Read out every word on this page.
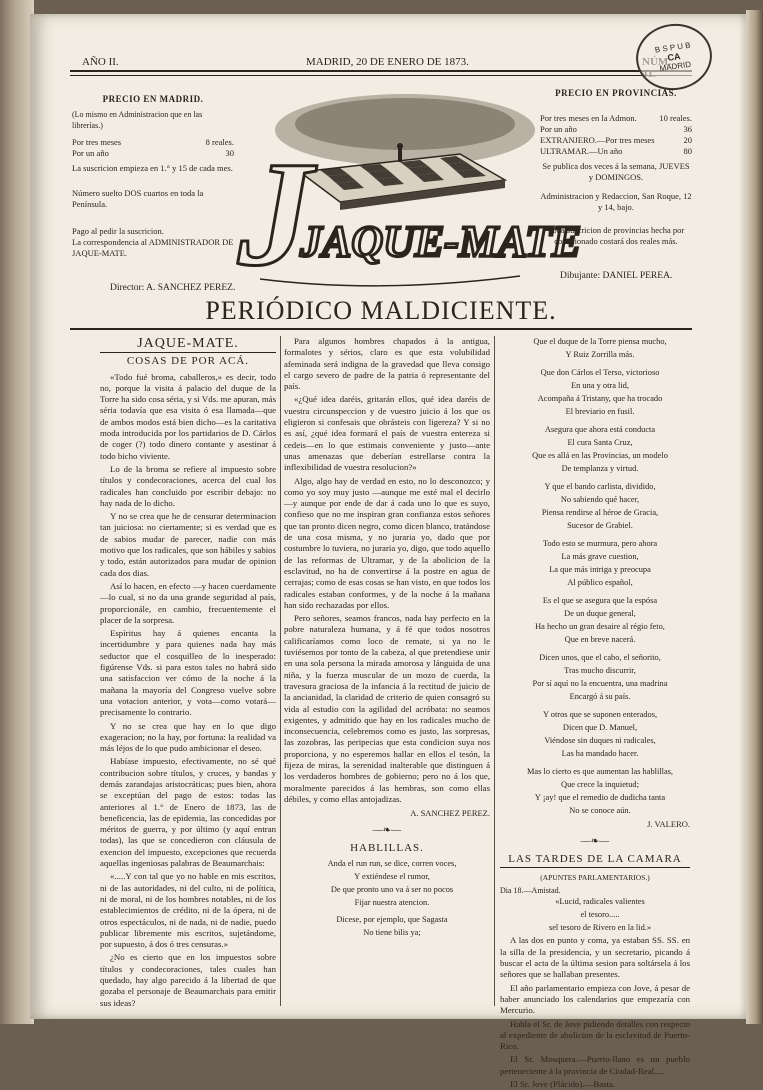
AÑO II.	MADRID, 20 DE ENERO DE 1873.
B S P U B
CA
MADRID
PRECIO EN MADRID.
(Lo mismo en Administracion que en las librerías.)
Por tres meses	8 reales.
Por un año	30
La suscricion empieza en 1.° y 15 de cada mes.
Número suelto DOS cuartos en toda la Península.
Pago al pedir la suscricion.
La correspondencia al ADMINISTRADOR DE JAQUE-MATE. J
JAQUE-MATE
PRECIO EN PROVINCIAS.
Por tres meses en la Admon.	10 reales.
Por un año	36
EXTRANJERO.—Por tres meses	20
ULTRAMAR.—Un año	80
Se publica dos veces á la semana, JUEVES y DOMINGOS.
Administracion y Redaccion, San Roque, 12 y 14, bajo.
Toda suscricion de provincias hecha por comisionado costará dos reales más.
Director: A. SANCHEZ PEREZ.
Dibujante: DANIEL PEREA.
PERIÓDICO MALDICIENTE.
JAQUE-MATE.
COSAS DE POR ACÁ.

«Todo fué broma, caballeros,» es decir, todo no, porque la visita á palacio del duque de la Torre ha sido cosa séria, y si Vds. me apuran, más séria todavía que esa visita ó esa llamada—que de ambos modos está bien dicho—es la caritativa moda introducida por los partidarios de D. Cárlos de coger (?) todo dinero contante y asestinar á todo bicho viviente.

Lo de la broma se refiere al impuesto sobre títulos y condecoraciones, acerca del cual los radicales han concluido por escribir debajo: no hay nada de lo dicho.

Y no se crea que he de censurar determinacion tan juiciosa: no ciertamente; si es verdad que es de sabios mudar de parecer, nadie con más motivo que los radicales, que son hábiles y sabios y todo, están autorizados para mudar de opinion cada dos dias.

Así lo hacen, en efecto —y hacen cuerdamente —lo cual, si no da una grande seguridad al país, proporcionále, en cambio, frecuentemente el placer de la sorpresa.

Espíritus hay á quienes encanta la incertidumbre y para quienes nada hay más seductor que el cosquilleo de lo inesperado: figúrense Vds. si para estos tales no habrá sido una satisfaccion ver cómo de la noche á la mañana la mayoría del Congreso vuelve sobre una votacion anterior, y vota—como votará—precisamente lo contrario.

Y no se crea que hay en lo que digo exageracion; no la hay, por fortuna: la realidad va más léjos de lo que pudo ambicionar el deseo.

Habíase impuesto, efectivamente, no sé qué contribucion sobre títulos, y cruces, y bandas y demás zarandajas aristocráticas; pues bien, ahora se exceptúan del pago de estos: todas las anteriores al 1.° de Enero de 1873, las de beneficencia, las de epidemia, las concedidas por méritos de guerra, y por último (y aquí entran todas), las que se concedieron con cláusula de exencion del impuesto, excepciones que recuerda aquellas ingeniosas palabras de Beaumarchais:

«.....Y con tal que yo no hable en mis escritos, ni de las autoridades, ni del culto, ni de política, ni de moral, ni de los hombres notables, ni de los establecimientos de crédito, ni de la ópera, ni de otros espectáculos, ni de nada, ni de nadie, puedo publicar libremente mis escritos, sujetándome, por supuesto, á dos ó tres censuras.»

¿No es cierto que en los impuestos sobre títulos y condecoraciones, tales cuales han quedado, hay algo parecido á la libertad de que gozaba el personaje de Beaumarchais para emitir sus ideas?

Para algunos hombres chapados á la antigua, formalotes y sérios, claro es que esta volubilidad afeminada será indigna de la gravedad que lleva consigo el cargo severo de padre de la patria ó representante del país.

«¿Qué idea daréis, gritarán ellos, qué idea daréis de vuestra circunspeccion y de vuestro juicio á los que os eligieron si confesais que obrásteis con ligereza? Y si no es así, ¿qué idea formará el país de vuestra entereza si cedeis—en lo que estimais conveniente y justo—ante unas amenazas que deberían estrellarse contra la inflexibilidad de vuestra resolucion?»

Algo, algo hay de verdad en esto, no lo desconozco; y como yo soy muy justo —aunque me esté mal el decirlo—y aunque por ende de dar á cada uno lo que es suyo, confieso que no me inspiran gran confianza estos señores que tan pronto dicen negro, como dicen blanco, tratándose de una cosa misma, y no juraria yo, dado que por costumbre lo tuviera, no juraria yo, digo, que todo aquello de las reformas de Ultramar, y de la abolicion de la esclavitud, no ha de convertirse á la postre en agua de cerrajas; como de esas cosas se han visto, en que todos los radicales estaban conformes, y de la noche á la mañana han sido rechazadas por ellos.

Pero señores, seamos francos, nada hay perfecto en la pobre naturaleza humana, y á fé que todos nosotros calificaríamos como loco de remate, si ya no le tuviésemos por tonto de la cabeza, al que pretendiese unir en una sola persona la mirada amorosa y lánguida de una niña, y la fuerza muscular de un mozo de cuerda, la travesura graciosa de la infancia á la rectitud de juicio de la ancianidad, la claridad de criterio de quien consagró su vida al estudio con la agilidad del acróbata: no seamos exigentes, y admitido que hay en los radicales mucho de inconsecuencia, celebremos como es justo, las sorpresas, las zozobras, las peripecias que esta condicion suya nos proporciona, y no esperemos hallar en ellos el tesón, la fijeza de miras, la serenidad inalterable que distinguen á los verdaderos hombres de gobierno; pero no á los que, moralmente parecidos á las hembras, son como ellas débiles, y como ellas antojadizas.

A. SANCHEZ PEREZ.
—❧—
HABLILLAS.

Anda el run run, se dice, corren voces,

Y extiéndese el rumor,

De que pronto uno va á ser no pocos

Fijar nuestra atencion.

Dicese, por ejemplo, que Sagasta

No tiene bilis ya;

Que el duque de la Torre piensa mucho,

Y Ruiz Zorrilla más.

Que don Cárlos el Terso, victorioso

En una y otra lid,

Acompaña á Tristany, que ha trocado

El breviario en fusil.

Asegura que ahora está conducta

El cura Santa Cruz,

Que es allá en las Provincias, un modelo

De templanza y virtud.

Y que el bando carlista, dividido,

No sabiendo qué hacer,

Piensa rendirse al héroe de Gracia,

Sucesor de Grabiel.

Todo esto se murmura, pero ahora

La más grave cuestion,

La que más intriga y preocupa

Al público español,

Es el que se asegura que la espósa

De un duque general,

Ha hecho un gran desaire al régio feto,

Que en breve nacerá.

Dicen unos, que el cabo, el señorito,

Tras mucho discurrir,

Por sí aquí no la encuentra, una madrina

Encargó á su país.

Y otros que se suponen enterados,

Dicen que D. Manuel,

Viéndose sin duques ni radicales,

Las ha mandado hacer.

Mas lo cierto es que aumentan las hablillas,

Que crece la inquietud;

Y ¡ay! que el remedio de dudicha tanta

No se conoce aún.

J. VALERO.
—❧—
LAS TARDES DE LA CAMARA
(APUNTES PARLAMENTARIOS.)
Dia 18.—Amistad.

«Lucid, radicales valientes

el tesoro.....

sel tesoro de Rivero en la lid.»

A las dos en punto y coma, ya estaban SS. SS. en la silla de la presidencia, y un secretario, picando á buscar el acta de la última sesion para soltársela á los señores que se hallaban presentes.

El año parlamentario empieza con Jove, á pesar de haber anunciado los calendarios que empezaría con Mercurio.

Habla el Sr. de Jove pidiendo detalles con respecto al expediente de abolicion de la esclavitud de Puerto-Rico.

El Sr. Mosquera.—Puerto-llano es un pueblo perteneciente á la provincia de Ciudad-Real.....

El Sr. Jove (Plácido).—Basta.
